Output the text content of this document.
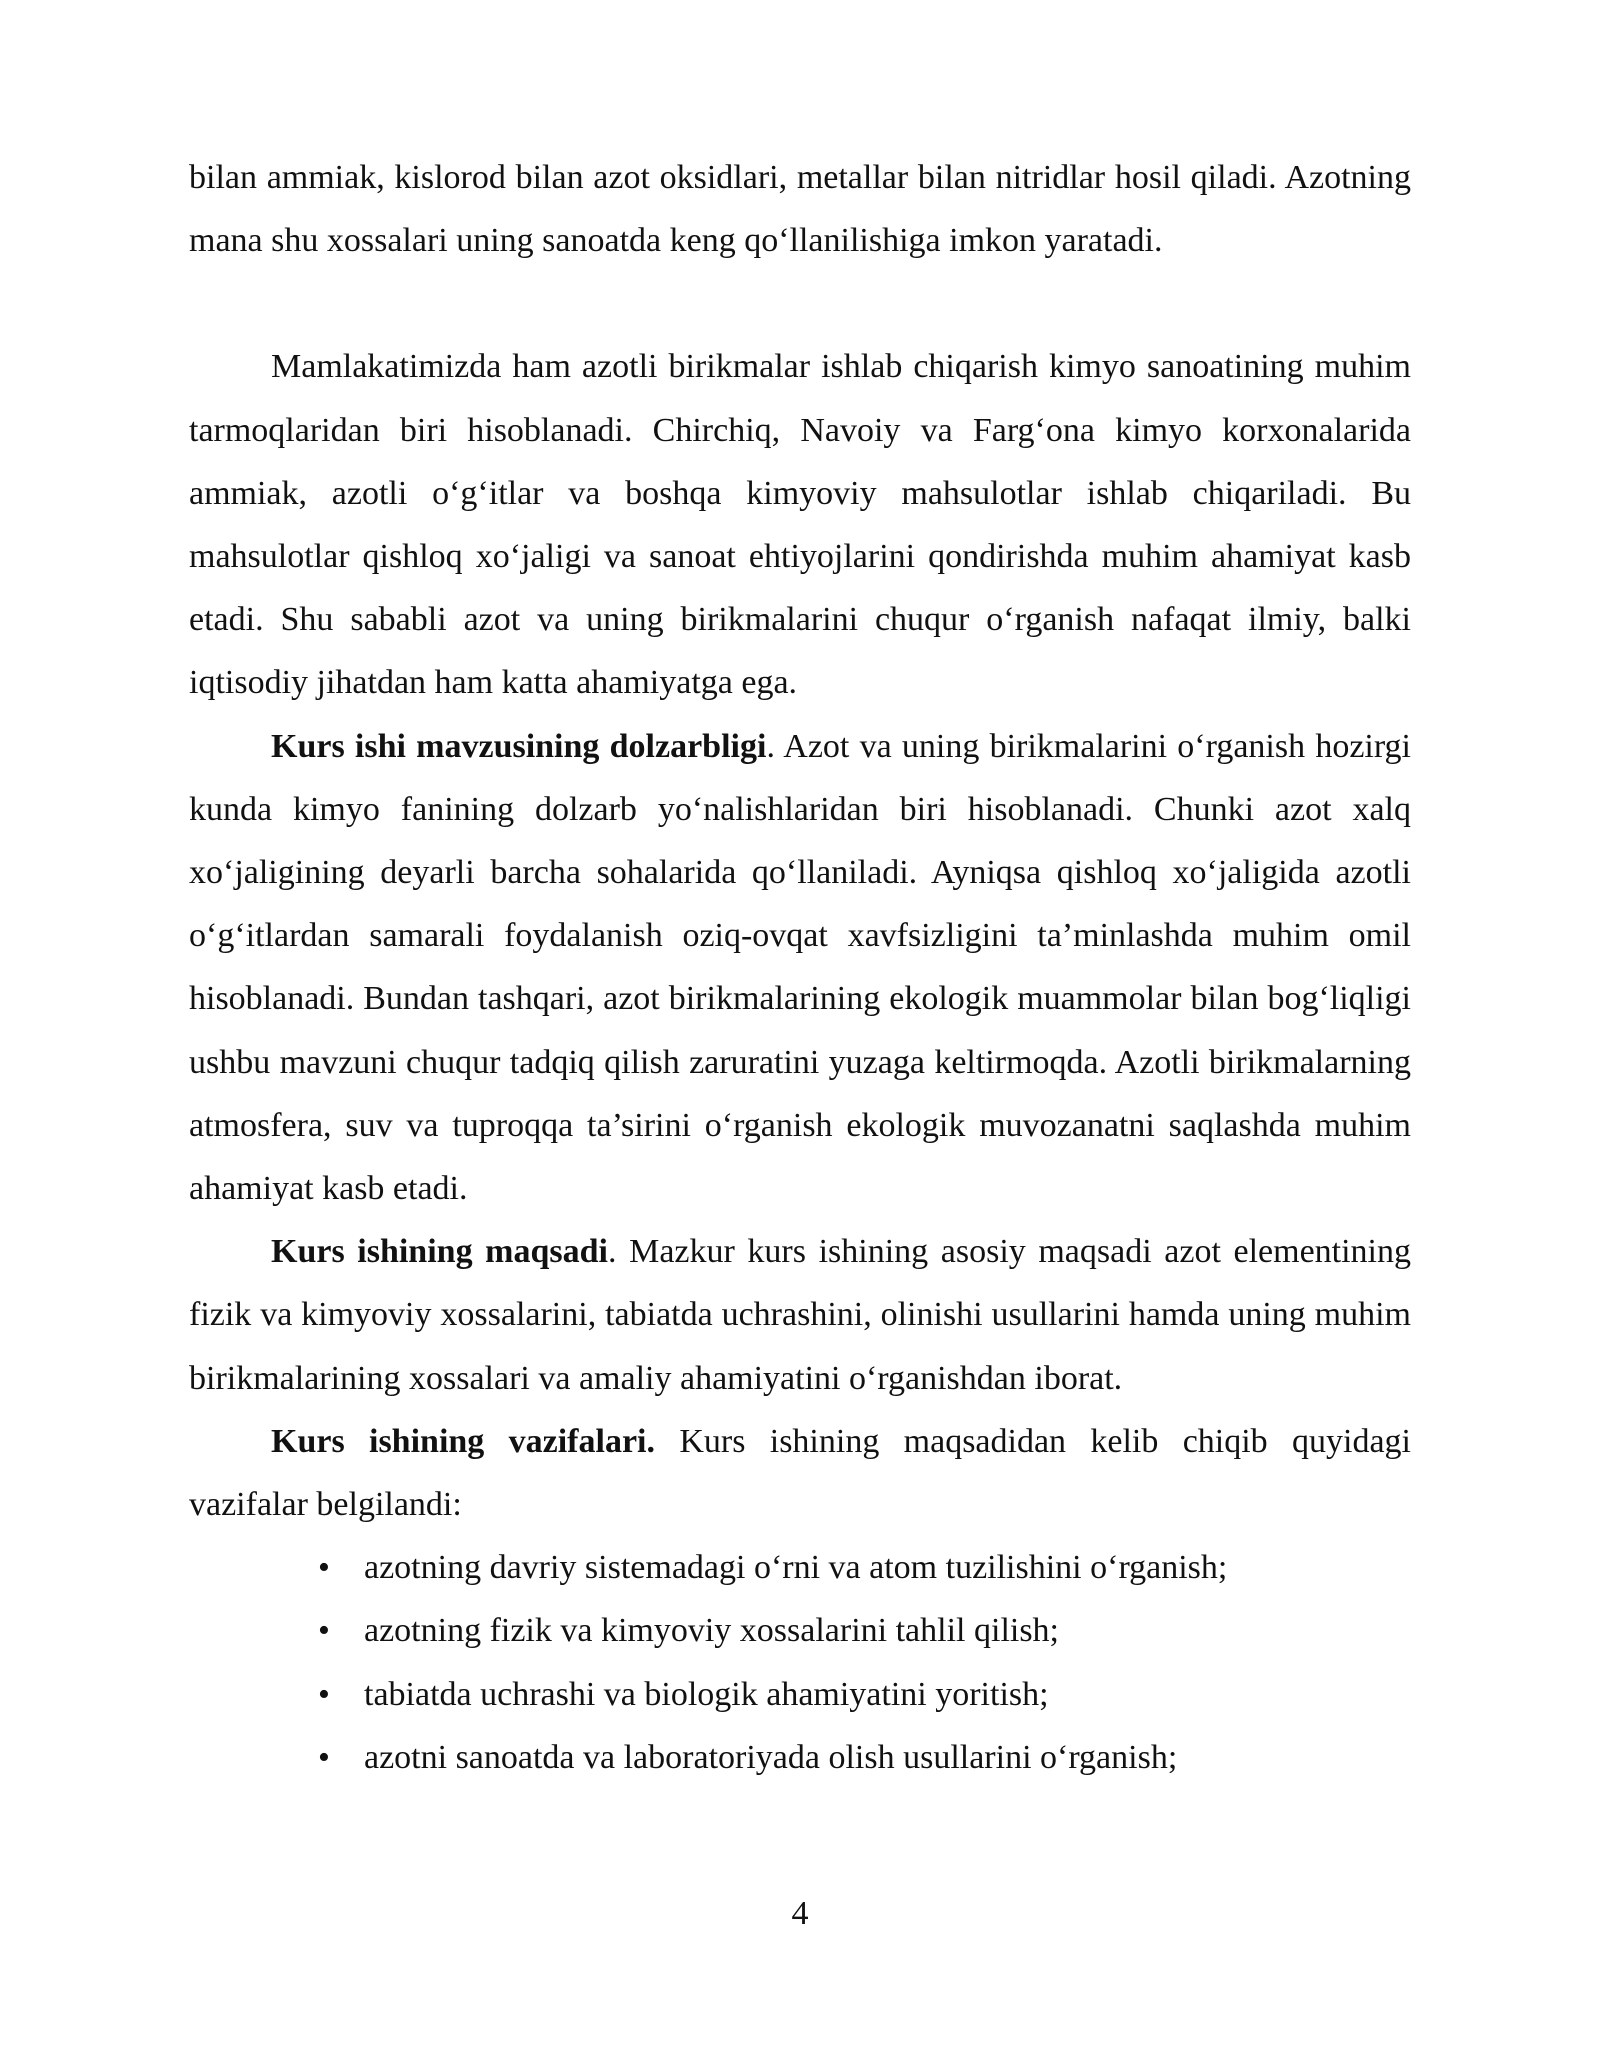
bilan ammiak, kislorod bilan azot oksidlari, metallar bilan nitridlar hosil qiladi. Azotning mana shu xossalari uning sanoatda keng qo‘llanilishiga imkon yaratadi.

Mamlakatimizda ham azotli birikmalar ishlab chiqarish kimyo sanoatining muhim tarmoqlaridan biri hisoblanadi. Chirchiq, Navoiy va Farg‘ona kimyo korxonalarida ammiak, azotli o‘g‘itlar va boshqa kimyoviy mahsulotlar ishlab chiqariladi. Bu mahsulotlar qishloq xo‘jaligi va sanoat ehtiyojlarini qondirishda muhim ahamiyat kasb etadi. Shu sababli azot va uning birikmalarini chuqur o‘rganish nafaqat ilmiy, balki iqtisodiy jihatdan ham katta ahamiyatga ega.

Kurs ishi mavzusining dolzarbligi. Azot va uning birikmalarini o‘rganish hozirgi kunda kimyo fanining dolzarb yo‘nalishlaridan biri hisoblanadi. Chunki azot xalq xo‘jaligining deyarli barcha sohalarida qo‘llaniladi. Ayniqsa qishloq xo‘jaligida azotli o‘g‘itlardan samarali foydalanish oziq-ovqat xavfsizligini ta’minlashda muhim omil hisoblanadi. Bundan tashqari, azot birikmalarining ekologik muammolar bilan bog‘liqligi ushbu mavzuni chuqur tadqiq qilish zaruratini yuzaga keltirmoqda. Azotli birikmalarning atmosfera, suv va tuproqqa ta’sirini o‘rganish ekologik muvozanatni saqlashda muhim ahamiyat kasb etadi.

Kurs ishining maqsadi. Mazkur kurs ishining asosiy maqsadi azot elementining fizik va kimyoviy xossalarini, tabiatda uchrashini, olinishi usullarini hamda uning muhim birikmalarining xossalari va amaliy ahamiyatini o‘rganishdan iborat.

Kurs ishining vazifalari. Kurs ishining maqsadidan kelib chiqib quyidagi vazifalar belgilandi:

• azotning davriy sistemadagi o‘rni va atom tuzilishini o‘rganish;
• azotning fizik va kimyoviy xossalarini tahlil qilish;
• tabiatda uchrashi va biologik ahamiyatini yoritish;
• azotni sanoatda va laboratoriyada olish usullarini o‘rganish;
4
